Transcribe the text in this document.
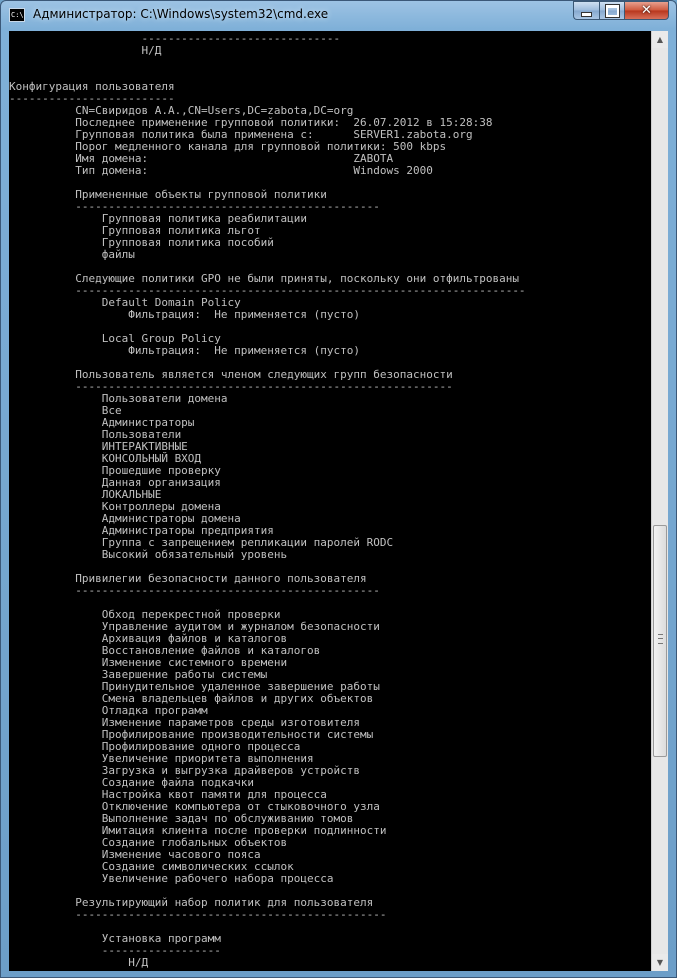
C:\ Администратор: C:\Windows\system32\cmd.exe	✕
------------------------------
Н/Д
Конфигурация пользователя
-------------------------
CN=Свиридов А.А.,CN=Users,DC=zabota,DC=org
Последнее применение групповой политики:  26.07.2012 в 15:28:38
Групповая политика была применена с:      SERVER1.zabota.org
Порог медленного канала для групповой политики: 500 kbps
Имя домена:                               ZABOTA
Тип домена:                               Windows 2000
Примененные объекты групповой политики
----------------------------------------------
Групповая политика реабилитации
Групповая политика льгот
Групповая политика пособий
файлы
Следующие политики GPO не были приняты, поскольку они отфильтрованы
--------------------------------------------------------------------
Default Domain Policy
Фильтрация:  Не применяется (пусто)
Local Group Policy
Фильтрация:  Не применяется (пусто)
Пользователь является членом следующих групп безопасности
---------------------------------------------------------
Пользователи домена
Все
Администраторы
Пользователи
ИНТЕРАКТИВНЫЕ
КОНСОЛЬНЫЙ ВХОД
Прошедшие проверку
Данная организация
ЛОКАЛЬНЫЕ
Контроллеры домена
Администраторы домена
Администраторы предприятия
Группа с запрещением репликации паролей RODC
Высокий обязательный уровень
Привилегии безопасности данного пользователя
----------------------------------------------
Обход перекрестной проверки
Управление аудитом и журналом безопасности
Архивация файлов и каталогов
Восстановление файлов и каталогов
Изменение системного времени
Завершение работы системы
Принудительное удаленное завершение работы
Смена владельцев файлов и других объектов
Отладка программ
Изменение параметров среды изготовителя
Профилирование производительности системы
Профилирование одного процесса
Увеличение приоритета выполнения
Загрузка и выгрузка драйверов устройств
Создание файла подкачки
Настройка квот памяти для процесса
Отключение компьютера от стыковочного узла
Выполнение задач по обслуживанию томов
Имитация клиента после проверки подлинности
Создание глобальных объектов
Изменение часового пояса
Создание символических ссылок
Увеличение рабочего набора процесса
Результирующий набор политик для пользователя
-----------------------------------------------
Установка программ
------------------
Н/Д
▲
▼
